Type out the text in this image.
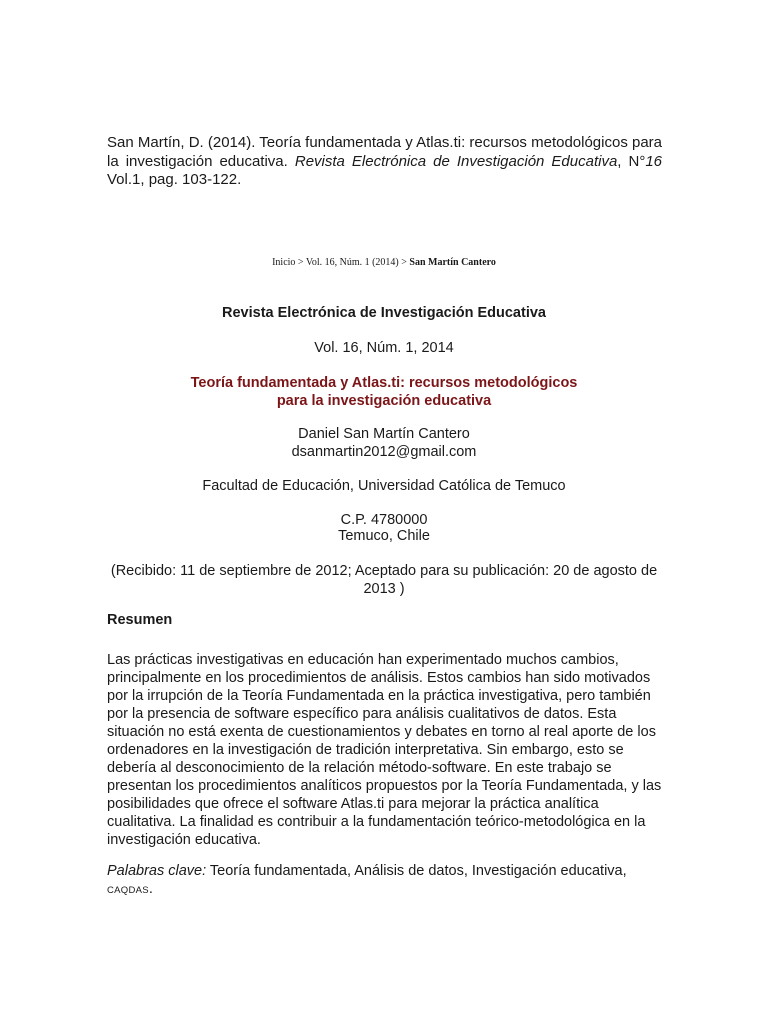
San Martín, D. (2014). Teoría fundamentada y Atlas.ti: recursos metodológicos para la investigación educativa. Revista Electrónica de Investigación Educativa, N°16 Vol.1, pag. 103-122.
Inicio > Vol. 16, Núm. 1 (2014) > San Martín Cantero
Revista Electrónica de Investigación Educativa
Vol. 16, Núm. 1, 2014
Teoría fundamentada y Atlas.ti: recursos metodológicos
para la investigación educativa
Daniel San Martín Cantero
dsanmartin2012@gmail.com
Facultad de Educación, Universidad Católica de Temuco
C.P. 4780000
Temuco, Chile
(Recibido: 11 de septiembre de 2012; Aceptado para su publicación: 20 de agosto de 2013 )
Resumen
Las prácticas investigativas en educación han experimentado muchos cambios, principalmente en los procedimientos de análisis. Estos cambios han sido motivados por la irrupción de la Teoría Fundamentada en la práctica investigativa, pero también por la presencia de software específico para análisis cualitativos de datos. Esta situación no está exenta de cuestionamientos y debates en torno al real aporte de los ordenadores en la investigación de tradición interpretativa. Sin embargo, esto se debería al desconocimiento de la relación método-software. En este trabajo se presentan los procedimientos analíticos propuestos por la Teoría Fundamentada, y las posibilidades que ofrece el software Atlas.ti para mejorar la práctica analítica cualitativa. La finalidad es contribuir a la fundamentación teórico-metodológica en la investigación educativa.
Palabras clave: Teoría fundamentada, Análisis de datos, Investigación educativa, CAQDAS.
